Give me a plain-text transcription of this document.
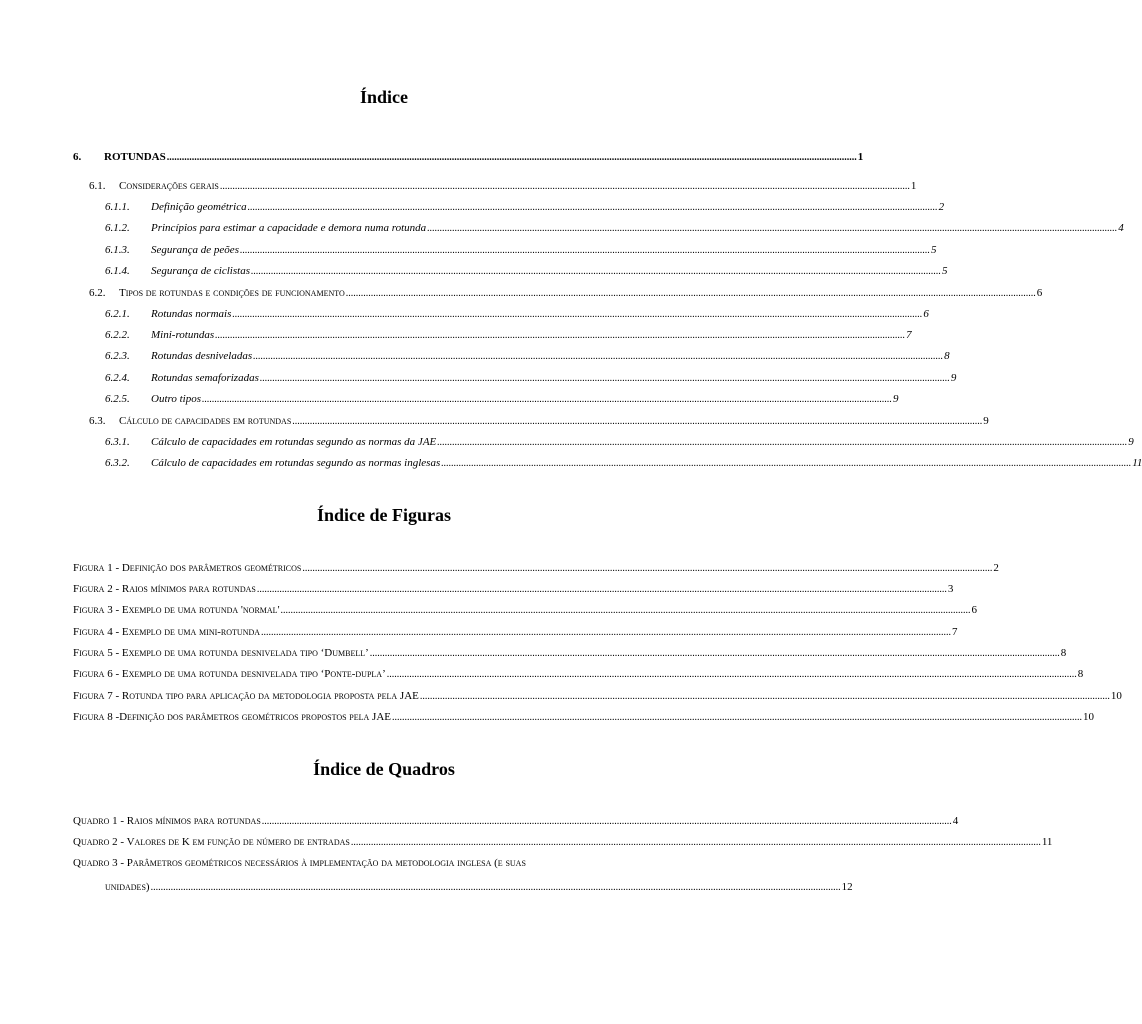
Índice
6.	ROTUNDAS .....	1
6.1.	Considerações gerais .....	1
6.1.1.	Definição geométrica .....	2
6.1.2.	Princípios para estimar a capacidade e demora numa rotunda .....	4
6.1.3.	Segurança de peões .....	5
6.1.4.	Segurança de ciclistas .....	5
6.2.	Tipos de rotundas e condições de funcionamento .....	6
6.2.1.	Rotundas normais .....	6
6.2.2.	Mini-rotundas .....	7
6.2.3.	Rotundas desniveladas .....	8
6.2.4.	Rotundas semaforizadas .....	9
6.2.5.	Outro tipos .....	9
6.3.	Cálculo de capacidades em rotundas .....	9
6.3.1.	Cálculo de capacidades em rotundas segundo as normas da JAE .....	9
6.3.2.	Cálculo de capacidades em rotundas segundo as normas inglesas .....	11
Índice de Figuras
Figura 1 - Definição dos parâmetros geométricos .....	2
Figura 2 - Raios mínimos para rotundas .....	3
Figura 3 - Exemplo de uma rotunda 'normal' .....	6
Figura 4 - Exemplo de uma mini-rotunda .....	7
Figura 5 - Exemplo de uma rotunda desnivelada tipo ‘Dumbell’ .....	8
Figura 6 - Exemplo de uma rotunda desnivelada tipo ‘Ponte-dupla’ .....	8
Figura 7 - Rotunda tipo para aplicação da metodologia proposta pela JAE .....	10
Figura 8 -Definição dos parâmetros geométricos propostos pela JAE .....	10
Índice de Quadros
Quadro 1 - Raios mínimos para rotundas .....	4
Quadro 2 - Valores de K em função de número de entradas .....	11
Quadro 3 - Parâmetros geométricos necessários à implementação da metodologia inglesa (e suas
unidades) .....	12
